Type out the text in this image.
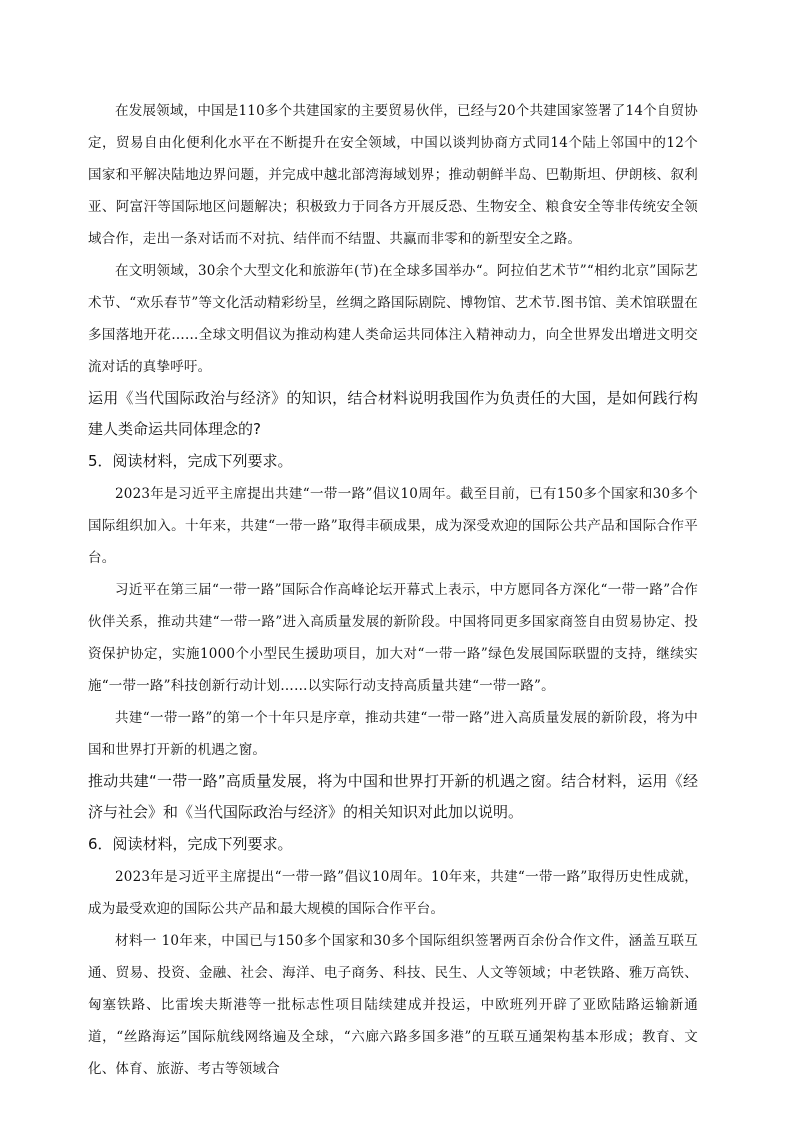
在发展领域，中国是110多个共建国家的主要贸易伙伴，已经与20个共建国家签署了14个自贸协定，贸易自由化便利化水平在不断提升在安全领域，中国以谈判协商方式同14个陆上邻国中的12个国家和平解决陆地边界问题，并完成中越北部湾海域划界；推动朝鲜半岛、巴勒斯坦、伊朗核、叙利亚、阿富汗等国际地区问题解决；积极致力于同各方开展反恐、生物安全、粮食安全等非传统安全领域合作，走出一条对话而不对抗、结伴而不结盟、共赢而非零和的新型安全之路。

在文明领域，30余个大型文化和旅游年(节)在全球多国举办“。阿拉伯艺术节”“相约北京”国际艺术节、“欢乐春节”等文化活动精彩纷呈，丝绸之路国际剧院、博物馆、艺术节.图书馆、美术馆联盟在多国落地开花……全球文明倡议为推动构建人类命运共同体注入精神动力，向全世界发出增进文明交流对话的真挚呼吁。

运用《当代国际政治与经济》的知识，结合材料说明我国作为负责任的大国，是如何践行构建人类命运共同体理念的?

5．阅读材料，完成下列要求。

2023年是习近平主席提出共建“一带一路”倡议10周年。截至目前，已有150多个国家和30多个国际组织加入。十年来，共建“一带一路”取得丰硕成果，成为深受欢迎的国际公共产品和国际合作平台。

习近平在第三届“一带一路”国际合作高峰论坛开幕式上表示，中方愿同各方深化“一带一路”合作伙伴关系，推动共建“一带一路”进入高质量发展的新阶段。中国将同更多国家商签自由贸易协定、投资保护协定，实施1000个小型民生援助项目，加大对“一带一路”绿色发展国际联盟的支持，继续实施“一带一路”科技创新行动计划……以实际行动支持高质量共建“一带一路”。

共建“一带一路”的第一个十年只是序章，推动共建“一带一路”进入高质量发展的新阶段，将为中国和世界打开新的机遇之窗。

推动共建“一带一路”高质量发展，将为中国和世界打开新的机遇之窗。结合材料，运用《经济与社会》和《当代国际政治与经济》的相关知识对此加以说明。

6．阅读材料，完成下列要求。

2023年是习近平主席提出“一带一路”倡议10周年。10年来，共建“一带一路”取得历史性成就，成为最受欢迎的国际公共产品和最大规模的国际合作平台。

材料一 10年来，中国已与150多个国家和30多个国际组织签署两百余份合作文件，涵盖互联互通、贸易、投资、金融、社会、海洋、电子商务、科技、民生、人文等领域；中老铁路、雅万高铁、匈塞铁路、比雷埃夫斯港等一批标志性项目陆续建成并投运，中欧班列开辟了亚欧陆路运输新通道，“丝路海运”国际航线网络遍及全球，“六廊六路多国多港”的互联互通架构基本形成；教育、文化、体育、旅游、考古等领域合
